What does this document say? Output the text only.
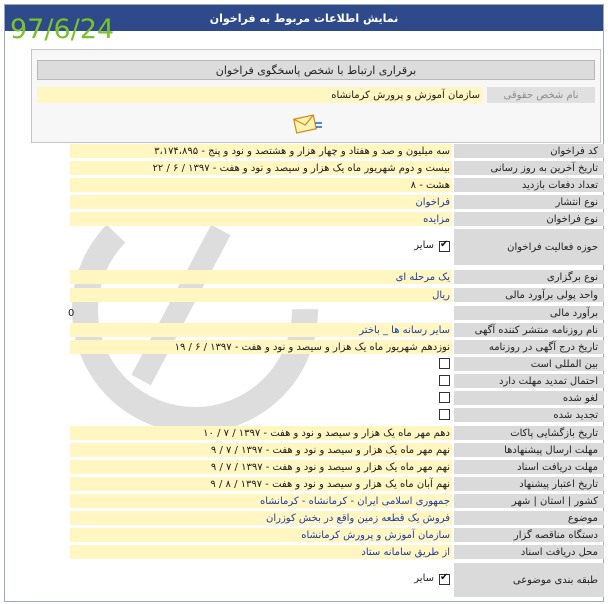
نمایش اطلاعات مربوط به فراخوان
برقراری ارتباط با شخص پاسخگوی فراخوان
نام شخص حقوقی
سازمان آموزش و پرورش کرمانشاه
97/6/24
کد فراخوان
۳،۱۷۴،۸۹۵ - سه میلیون و صد و هفتاد و چهار هزار و هشتصد و نود و پنج
تاریخ آخرین به روز رسانی
۲۲ / ۶ / ۱۳۹۷ - بیست و دوم شهریور ماه یک هزار و سیصد و نود و هفت
تعداد دفعات بازدید
۸ - هشت
نوع انتشار
فراخوان
نوع فراخوان
مزایده
حوزه فعالیت فراخوان
✔
سایر
نوع برگزاری
یک مرحله ای
واحد پولی برآورد مالی
ریال
برآورد مالی
0
نام روزنامه منتشر کننده آگهی
سایر رسانه ها _ باختر
تاریخ درج آگهی در روزنامه
۱۹ / ۶ / ۱۳۹۷ - نوزدهم شهریور ماه یک هزار و سیصد و نود و هفت
بین المللی است
احتمال تمدید مهلت دارد
لغو شده
تجدید شده
تاریخ بازگشایی پاکات
۱۰ / ۷ / ۱۳۹۷ - دهم مهر ماه یک هزار و سیصد و نود و هفت
مهلت ارسال پیشنهادها
۹ / ۷ / ۱۳۹۷ - نهم مهر ماه یک هزار و سیصد و نود و هفت
مهلت دریافت اسناد
۹ / ۷ / ۱۳۹۷ - نهم مهر ماه یک هزار و سیصد و نود و هفت
تاریخ اعتبار پیشنهاد
۹ / ۸ / ۱۳۹۷ - نهم آبان ماه یک هزار و سیصد و نود و هفت
کشور | استان | شهر
جمهوری اسلامی ایران - کرمانشاه - کرمانشاه
موضوع
فروش یک قطعه زمین واقع در بخش کوزران
دستگاه مناقصه گزار
سازمان آموزش و پرورش کرمانشاه
محل دریافت اسناد
از طریق سامانه ستاد
طبقه بندی موضوعی
✔
سایر
